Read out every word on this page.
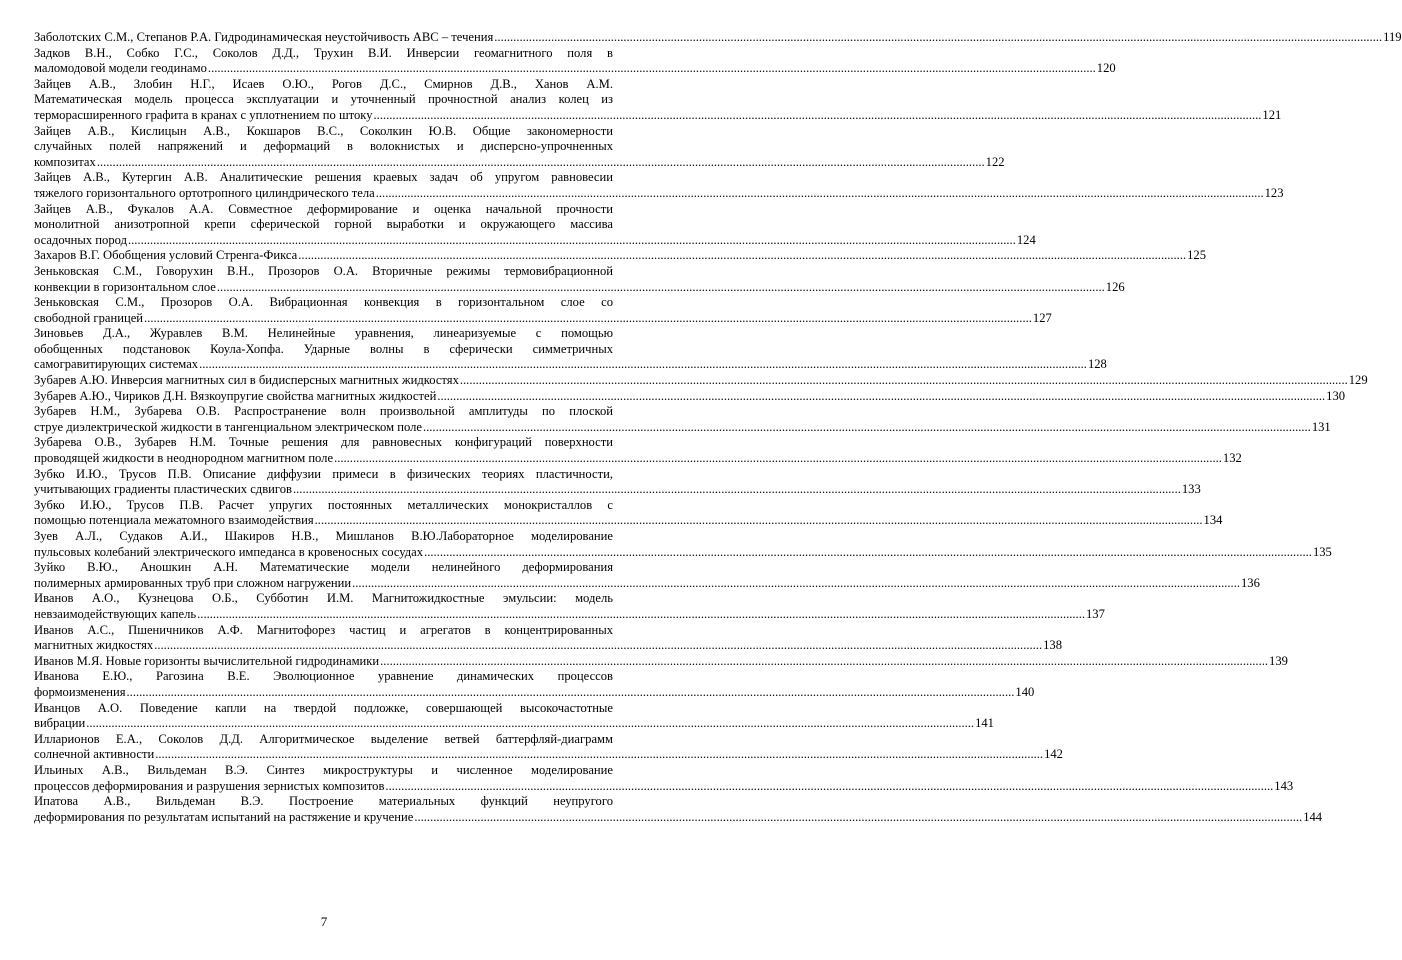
Заболотских С.М., Степанов Р.А. Гидродинамическая неустойчивость АВС – течения .....	119
Задков В.Н., Собко Г.С., Соколов Д.Д., Трухин В.И. Инверсии геомагнитного поля в
маломодовой модели геодинамо .....	120
Зайцев А.В., Злобин Н.Г., Исаев О.Ю., Рогов Д.С., Смирнов Д.В., Ханов А.М.
Математическая модель процесса эксплуатации и уточненный прочностной анализ колец из
терморасширенного графита в кранах с уплотнением по штоку .....	121
Зайцев А.В., Кислицын А.В., Кокшаров В.С., Соколкин Ю.В. Общие закономерности
случайных полей напряжений и деформаций в волокнистых и дисперсно-упрочненных
композитах .....	122
Зайцев А.В., Кутергин А.В. Аналитические решения краевых задач об упругом равновесии
тяжелого горизонтального ортотропного цилиндрического тела .....	123
Зайцев А.В., Фукалов А.А. Совместное деформирование и оценка начальной прочности
монолитной анизотропной крепи сферической горной выработки и окружающего массива
осадочных пород .....	124
Захаров В.Г. Обобщения условий Стренга-Фикса .....	125
Зеньковская С.М., Говорухин В.Н., Прозоров О.А. Вторичные режимы термовибрационной
конвекции в горизонтальном слое .....	126
Зеньковская С.М., Прозоров О.А. Вибрационная конвекция в горизонтальном слое со
свободной границей .....	127
Зиновьев Д.А., Журавлев В.М. Нелинейные уравнения, линеаризуемые с помощью
обобщенных подстановок Коула-Хопфа. Ударные волны в сферически симметричных
самогравитирующих системах .....	128
Зубарев А.Ю. Инверсия магнитных сил в бидисперсных магнитных жидкостях .....	129
Зубарев А.Ю., Чириков Д.Н. Вязкоупругие свойства магнитных жидкостей .....	130
Зубарев Н.М., Зубарева О.В. Распространение волн произвольной амплитуды по плоской
струе диэлектрической жидкости в тангенциальном электрическом поле .....	131
Зубарева О.В., Зубарев Н.М. Точные решения для равновесных конфигураций поверхности
проводящей жидкости в неоднородном магнитном поле .....	132
Зубко И.Ю., Трусов П.В. Описание диффузии примеси в физических теориях пластичности,
учитывающих градиенты пластических сдвигов .....	133
Зубко И.Ю., Трусов П.В. Расчет упругих постоянных металлических монокристаллов с
помощью потенциала межатомного взаимодействия .....	134
Зуев А.Л., Судаков А.И., Шакиров Н.В., Мишланов В.Ю.Лабораторное моделирование
пульсовых колебаний электрического импеданса в кровеносных сосудах .....	135
Зуйко В.Ю., Аношкин А.Н. Математические модели нелинейного деформирования
полимерных армированных труб при сложном нагружении .....	136
Иванов А.О., Кузнецова О.Б., Субботин И.М. Магнитожидкостные эмульсии: модель
невзаимодействующих капель .....	137
Иванов А.С., Пшеничников А.Ф. Магнитофорез частиц и агрегатов в концентрированных
магнитных жидкостях .....	138
Иванов М.Я. Новые горизонты вычислительной гидродинамики .....	139
Иванова Е.Ю., Рагозина В.Е. Эволюционное уравнение динамических процессов
формоизменения .....	140
Иванцов А.О. Поведение капли на твердой подложке, совершающей высокочастотные
вибрации .....	141
Илларионов Е.А., Соколов Д.Д. Алгоритмическое выделение ветвей баттерфляй-диаграмм
солнечной активности .....	142
Ильиных А.В., Вильдеман В.Э. Синтез микроструктуры и численное моделирование
процессов деформирования и разрушения зернистых композитов .....	143
Ипатова А.В., Вильдеман В.Э. Построение материальных функций неупругого
деформирования по результатам испытаний на растяжение и кручение .....	144
7
